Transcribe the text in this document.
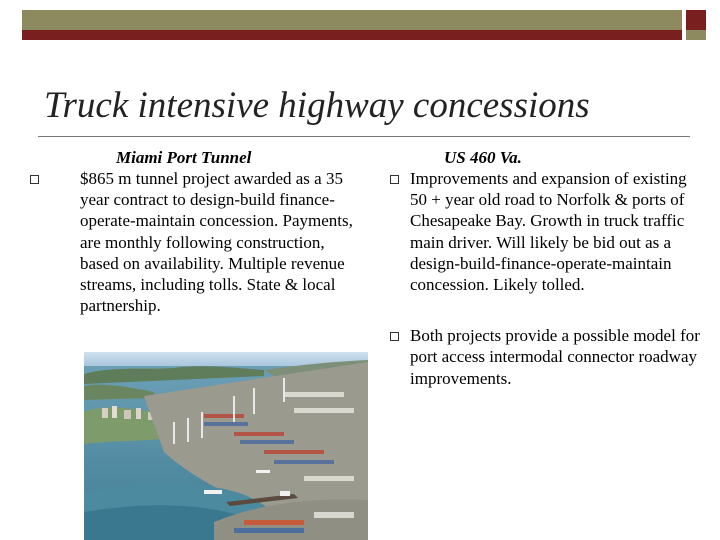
Truck intensive highway concessions
Miami Port Tunnel
$865 m tunnel project awarded as a 35 year contract to design-build finance-operate-maintain concession. Payments, are monthly following construction, based on availability. Multiple revenue streams, including tolls. State & local partnership.
US 460 Va.
Improvements and expansion of existing 50 + year old road to Norfolk & ports of Chesapeake Bay. Growth in truck traffic main driver. Will likely be bid out as a design-build-finance-operate-maintain concession. Likely tolled.
Both projects provide a possible model for port access intermodal connector roadway improvements.
